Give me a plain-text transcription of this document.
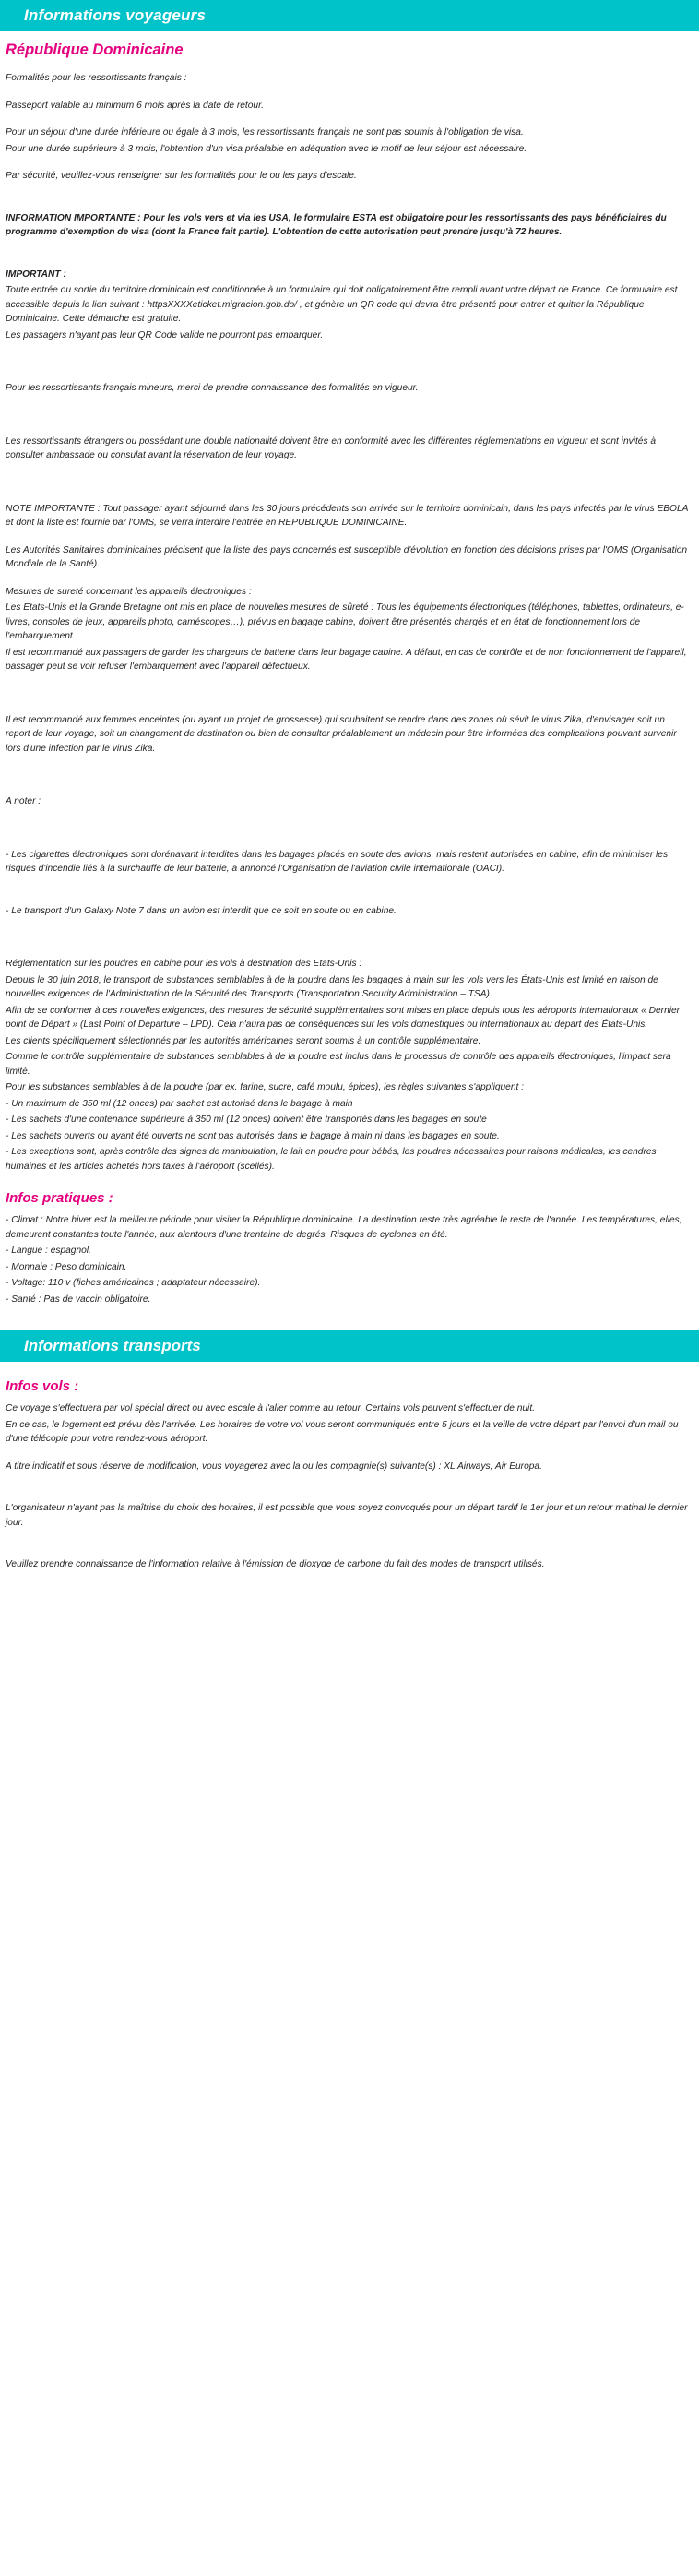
Informations voyageurs
République Dominicaine

Formalités pour les ressortissants français :

Passeport valable au minimum 6 mois après la date de retour.

Pour un séjour d'une durée inférieure ou égale à 3 mois, les ressortissants français ne sont pas soumis à l'obligation de visa.

Pour une durée supérieure à 3 mois, l'obtention d'un visa préalable en adéquation avec le motif de leur séjour est nécessaire.

Par sécurité, veuillez-vous renseigner sur les formalités pour le ou les pays d'escale.

INFORMATION IMPORTANTE : Pour les vols vers et via les USA, le formulaire ESTA est obligatoire pour les ressortissants des pays bénéficiaires du programme d'exemption de visa (dont la France fait partie). L'obtention de cette autorisation peut prendre jusqu'à 72 heures.

IMPORTANT :

Toute entrée ou sortie du territoire dominicain est conditionnée à un formulaire qui doit obligatoirement être rempli avant votre départ de France. Ce formulaire est accessible depuis le lien suivant : httpsXXXXeticket.migracion.gob.do/ , et génère un QR code qui devra être présenté pour entrer et quitter la République Dominicaine. Cette démarche est gratuite.

Les passagers n'ayant pas leur QR Code valide ne pourront pas embarquer.

Pour les ressortissants français mineurs, merci de prendre connaissance des formalités en vigueur.

Les ressortissants étrangers ou possédant une double nationalité doivent être en conformité avec les différentes réglementations en vigueur et sont invités à consulter ambassade ou consulat avant la réservation de leur voyage.

NOTE IMPORTANTE : Tout passager ayant séjourné dans les 30 jours précédents son arrivée sur le territoire dominicain, dans les pays infectés par le virus EBOLA et dont la liste est fournie par l'OMS, se verra interdire l'entrée en REPUBLIQUE DOMINICAINE.

Les Autorités Sanitaires dominicaines précisent que la liste des pays concernés est susceptible d'évolution en fonction des décisions prises par l'OMS (Organisation Mondiale de la Santé).

Mesures de sureté concernant les appareils électroniques :

Les Etats-Unis et la Grande Bretagne ont mis en place de nouvelles mesures de sûreté : Tous les équipements électroniques (téléphones, tablettes, ordinateurs, e-livres, consoles de jeux, appareils photo, caméscopes…), prévus en bagage cabine, doivent être présentés chargés et en état de fonctionnement lors de l'embarquement.

Il est recommandé aux passagers de garder les chargeurs de batterie dans leur bagage cabine. A défaut, en cas de contrôle et de non fonctionnement de l'appareil, passager peut se voir refuser l'embarquement avec l'appareil défectueux.

Il est recommandé aux femmes enceintes (ou ayant un projet de grossesse) qui souhaitent se rendre dans des zones où sévit le virus Zika, d'envisager soit un report de leur voyage, soit un changement de destination ou bien de consulter préalablement un médecin pour être informées des complications pouvant survenir lors d'une infection par le virus Zika.

A noter :

- Les cigarettes électroniques sont dorénavant interdites dans les bagages placés en soute des avions, mais restent autorisées en cabine, afin de minimiser les risques d'incendie liés à la surchauffe de leur batterie, a annoncé l'Organisation de l'aviation civile internationale (OACI).

- Le transport d'un Galaxy Note 7 dans un avion est interdit que ce soit en soute ou en cabine.

Réglementation sur les poudres en cabine pour les vols à destination des Etats-Unis :

Depuis le 30 juin 2018, le transport de substances semblables à de la poudre dans les bagages à main sur les vols vers les États-Unis est limité en raison de nouvelles exigences de l'Administration de la Sécurité des Transports (Transportation Security Administration – TSA).

Afin de se conformer à ces nouvelles exigences, des mesures de sécurité supplémentaires sont mises en place depuis tous les aéroports internationaux « Dernier point de Départ » (Last Point of Departure – LPD). Cela n'aura pas de conséquences sur les vols domestiques ou internationaux au départ des États-Unis.

Les clients spécifiquement sélectionnés par les autorités américaines seront soumis à un contrôle supplémentaire.

Comme le contrôle supplémentaire de substances semblables à de la poudre est inclus dans le processus de contrôle des appareils électroniques, l'impact sera limité.

Pour les substances semblables à de la poudre (par ex. farine, sucre, café moulu, épices), les règles suivantes s'appliquent :

- Un maximum de 350 ml (12 onces) par sachet est autorisé dans le bagage à main

- Les sachets d'une contenance supérieure à 350 ml (12 onces) doivent être transportés dans les bagages en soute

- Les sachets ouverts ou ayant été ouverts ne sont pas autorisés dans le bagage à main ni dans les bagages en soute.

- Les exceptions sont, après contrôle des signes de manipulation, le lait en poudre pour bébés, les poudres nécessaires pour raisons médicales, les cendres humaines et les articles achetés hors taxes à l'aéroport (scellés).

Infos pratiques :

- Climat : Notre hiver est la meilleure période pour visiter la République dominicaine. La destination reste très agréable le reste de l'année. Les températures, elles, demeurent constantes toute l'année, aux alentours d'une trentaine de degrés. Risques de cyclones en été.

- Langue : espagnol.

- Monnaie : Peso dominicain.

- Voltage: 110 v (fiches américaines ; adaptateur nécessaire).

- Santé : Pas de vaccin obligatoire.

Informations transports
Infos vols :

Ce voyage s'effectuera par vol spécial direct ou avec escale à l'aller comme au retour. Certains vols peuvent s'effectuer de nuit.

En ce cas, le logement est prévu dès l'arrivée. Les horaires de votre vol vous seront communiqués entre 5 jours et la veille de votre départ par l'envoi d'un mail ou d'une télécopie pour votre rendez-vous aéroport.

A titre indicatif et sous réserve de modification, vous voyagerez avec la ou les compagnie(s) suivante(s) : XL Airways, Air Europa.

L'organisateur n'ayant pas la maîtrise du choix des horaires, il est possible que vous soyez convoqués pour un départ tardif le 1er jour et un retour matinal le dernier jour.

Veuillez prendre connaissance de l'information relative à l'émission de dioxyde de carbone du fait des modes de transport utilisés.
